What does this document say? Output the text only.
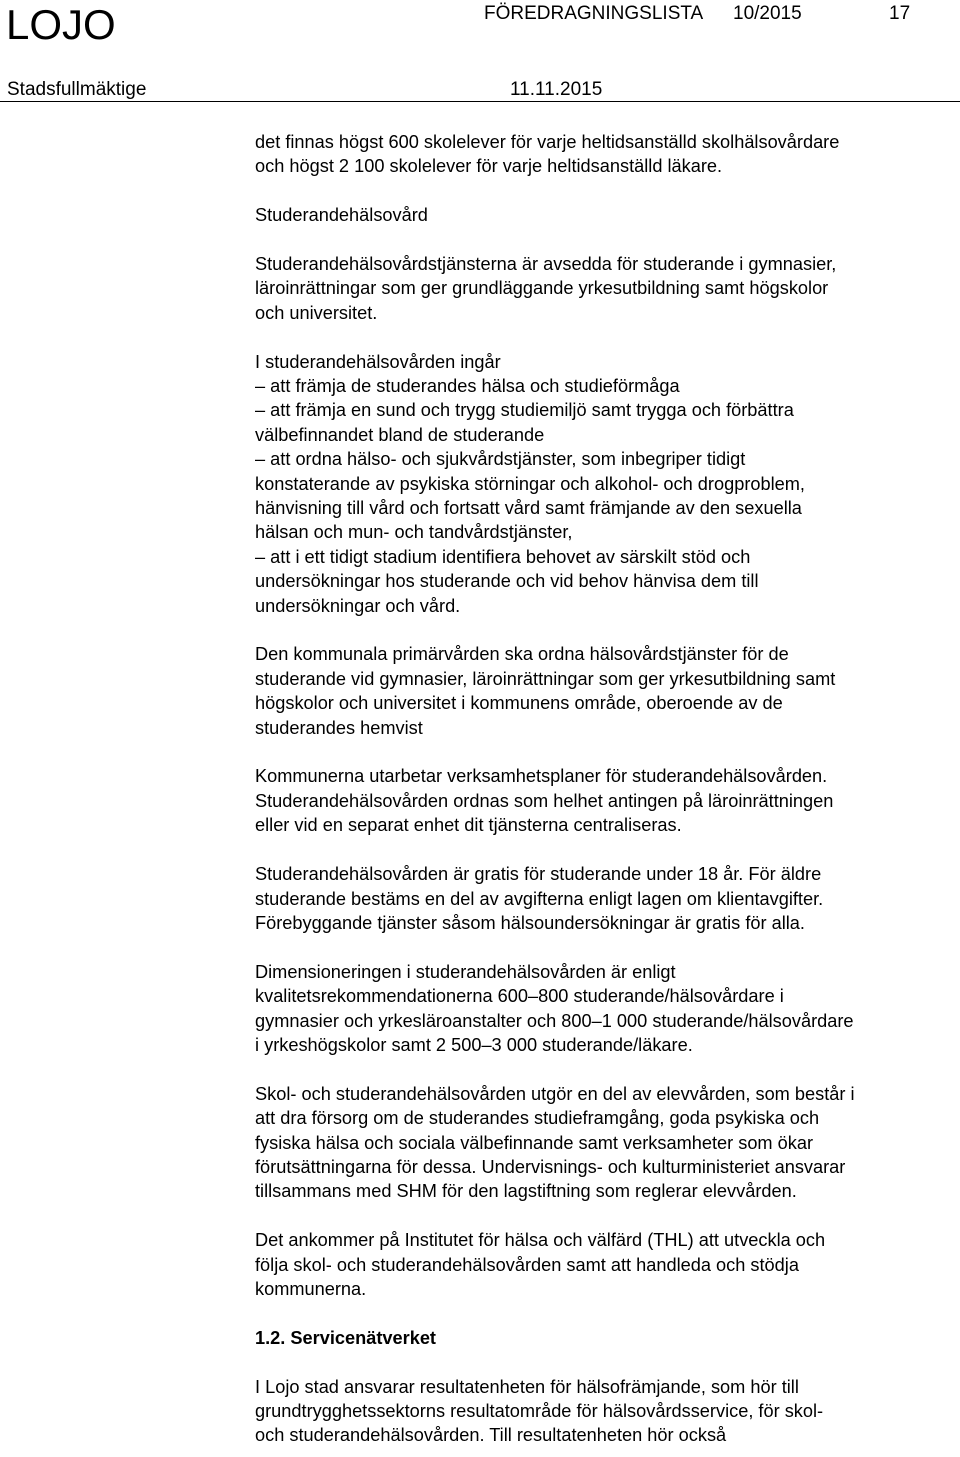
LOJO	FÖREDRAGNINGSLISTA 10/2015	17
Stadsfullmäktige	11.11.2015

det finnas högst 600 skolelever för varje heltidsanställd skolhälsovårdare
och högst 2 100 skolelever för varje heltidsanställd läkare.

Studerandehälsovård

Studerandehälsovårdstjänsterna är avsedda för studerande i gymnasier,
läroinrättningar som ger grundläggande yrkesutbildning samt högskolor
och universitet.

I studerandehälsovården ingår
– att främja de studerandes hälsa och studieförmåga
– att främja en sund och trygg studiemiljö samt trygga och förbättra
välbefinnandet bland de studerande
– att ordna hälso- och sjukvårdstjänster, som inbegriper tidigt
konstaterande av psykiska störningar och alkohol- och drogproblem,
hänvisning till vård och fortsatt vård samt främjande av den sexuella
hälsan och mun- och tandvårdstjänster,
– att i ett tidigt stadium identifiera behovet av särskilt stöd och
undersökningar hos studerande och vid behov hänvisa dem till
undersökningar och vård.

Den kommunala primärvården ska ordna hälsovårdstjänster för de
studerande vid gymnasier, läroinrättningar som ger yrkesutbildning samt
högskolor och universitet i kommunens område, oberoende av de
studerandes hemvist

Kommunerna utarbetar verksamhetsplaner för studerandehälsovården.
Studerandehälsovården ordnas som helhet antingen på läroinrättningen
eller vid en separat enhet dit tjänsterna centraliseras.

Studerandehälsovården är gratis för studerande under 18 år. För äldre
studerande bestäms en del av avgifterna enligt lagen om klientavgifter.
Förebyggande tjänster såsom hälsoundersökningar är gratis för alla.

Dimensioneringen i studerandehälsovården är enligt
kvalitetsrekommendationerna 600–800 studerande/hälsovårdare i
gymnasier och yrkesläroanstalter och 800–1 000 studerande/hälsovårdare
i yrkeshögskolor samt 2 500–3 000 studerande/läkare.

Skol- och studerandehälsovården utgör en del av elevvården, som består i
att dra försorg om de studerandes studieframgång, goda psykiska och
fysiska hälsa och sociala välbefinnande samt verksamheter som ökar
förutsättningarna för dessa. Undervisnings- och kulturministeriet ansvarar
tillsammans med SHM för den lagstiftning som reglerar elevvården.

Det ankommer på Institutet för hälsa och välfärd (THL) att utveckla och
följa skol- och studerandehälsovården samt att handleda och stödja
kommunerna.

1.2. Servicenätverket

I Lojo stad ansvarar resultatenheten för hälsofrämjande, som hör till
grundtrygghetssektorns resultatområde för hälsovårdsservice, för skol-
och studerandehälsovården. Till resultatenheten hör också
